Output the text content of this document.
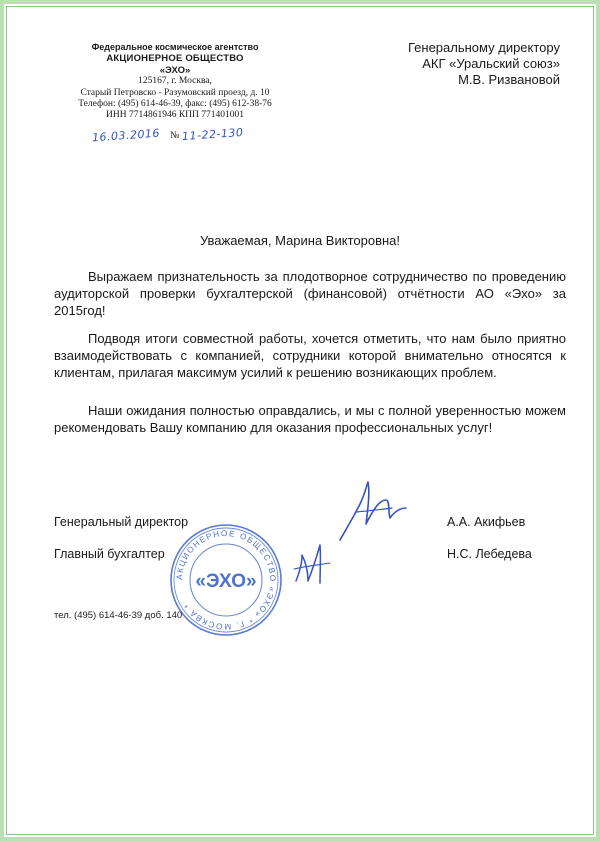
Федеральное космическое агентство
АКЦИОНЕРНОЕ ОБЩЕСТВО
«ЭХО»
125167, г. Москва,
Старый Петровско - Разумовский проезд, д. 10
Телефон: (495) 614-46-39, факс: (495) 612-38-76
ИНН 7714861946 КПП 771401001

16.03.2016 № 11-22-130
Генеральному директору
АКГ «Уральский союз»
М.В. Ризвановой
Уважаемая, Марина Викторовна!
Выражаем признательность за плодотворное сотрудничество по проведению
аудиторской проверки бухгалтерской (финансовой) отчётности АО «Эхо» за
2015год!
Подводя итоги совместной работы, хочется отметить, что нам было приятно
взаимодействовать с компанией, сотрудники которой внимательно относятся к
клиентам, прилагая максимум усилий к решению возникающих проблем.
Наши ожидания полностью оправдались, и мы с полной уверенностью можем
рекомендовать Вашу компанию для оказания профессиональных услуг!
Генеральный директор	А.А. Акифьев
Главный бухгалтер	Н.С. Лебедева
АКЦИОНЕРНОЕ ОБЩЕСТВО «ЭХО» * Г. МОСКВА *
«ЭХО»
тел. (495) 614-46-39 доб. 140
